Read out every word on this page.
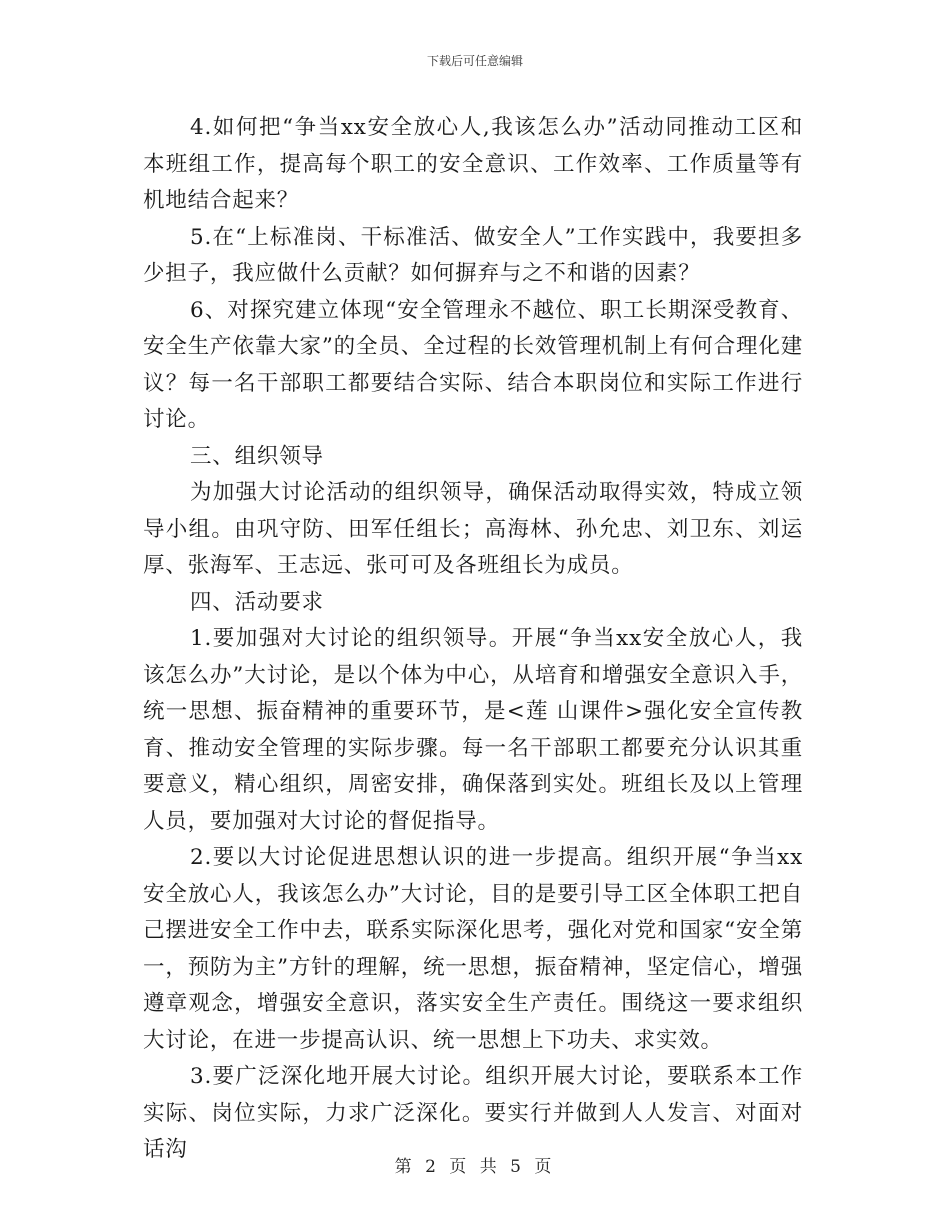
下载后可任意编辑

4.如何把“争当xx安全放心人,我该怎么办”活动同推动工区和本班组工作，提高每个职工的安全意识、工作效率、工作质量等有机地结合起来？

5.在“上标准岗、干标准活、做安全人”工作实践中，我要担多少担子，我应做什么贡献？如何摒弃与之不和谐的因素？

6、对探究建立体现“安全管理永不越位、职工长期深受教育、安全生产依靠大家”的全员、全过程的长效管理机制上有何合理化建议？每一名干部职工都要结合实际、结合本职岗位和实际工作进行讨论。

三、组织领导

为加强大讨论活动的组织领导，确保活动取得实效，特成立领导小组。由巩守防、田军任组长；高海林、孙允忠、刘卫东、刘运厚、张海军、王志远、张可可及各班组长为成员。

四、活动要求

1.要加强对大讨论的组织领导。开展“争当xx安全放心人，我该怎么办”大讨论，是以个体为中心，从培育和增强安全意识入手，统一思想、振奋精神的重要环节，是<莲 山课件>强化安全宣传教育、推动安全管理的实际步骤。每一名干部职工都要充分认识其重要意义，精心组织，周密安排，确保落到实处。班组长及以上管理人员，要加强对大讨论的督促指导。

2.要以大讨论促进思想认识的进一步提高。组织开展“争当xx安全放心人，我该怎么办”大讨论，目的是要引导工区全体职工把自己摆进安全工作中去，联系实际深化思考，强化对党和国家“安全第一，预防为主”方针的理解，统一思想，振奋精神，坚定信心，增强遵章观念，增强安全意识，落实安全生产责任。围绕这一要求组织大讨论，在进一步提高认识、统一思想上下功夫、求实效。

3.要广泛深化地开展大讨论。组织开展大讨论，要联系本工作实际、岗位实际，力求广泛深化。要实行并做到人人发言、对面对话沟

第 2 页 共 5 页
